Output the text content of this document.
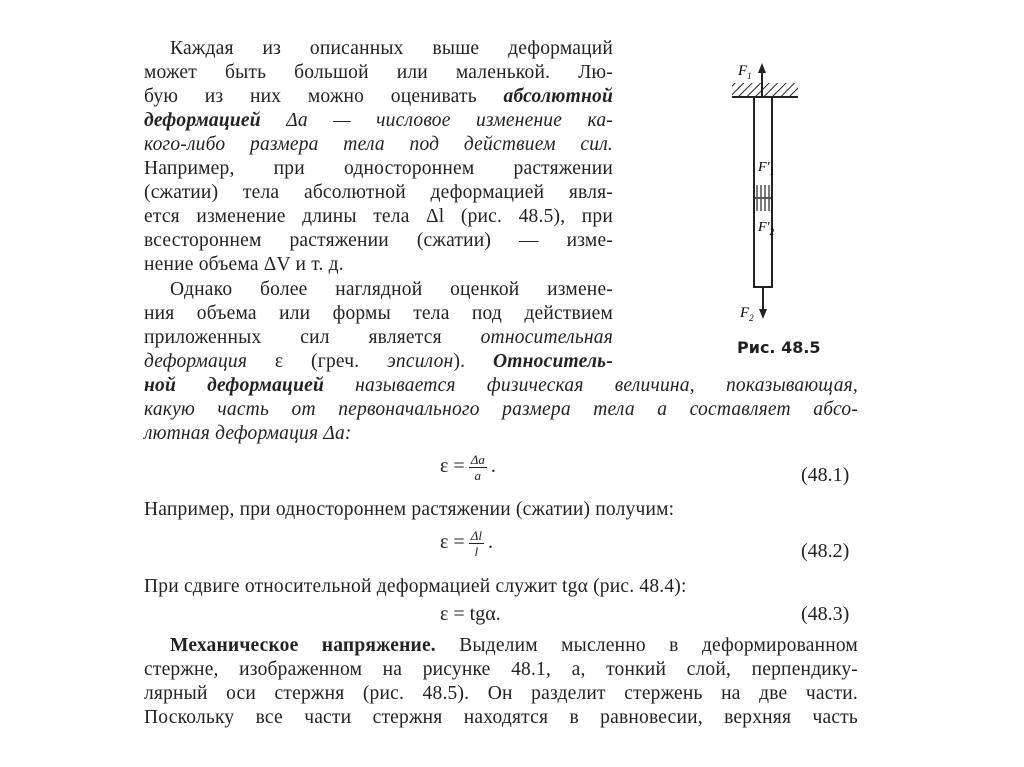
Каждая из описанных выше деформаций
может быть большой или маленькой. Лю-
бую из них можно оценивать абсолютной
деформацией Δa — числовое изменение ка-
кого-либо размера тела под действием сил.
Например, при одностороннем растяжении
(сжатии) тела абсолютной деформацией явля-
ется изменение длины тела Δl (рис. 48.5), при
всестороннем растяжении (сжатии) — изме-
нение объема ΔV и т. д.
Однако более наглядной оценкой измене-
ния объема или формы тела под действием
приложенных сил является относительная
деформация ε (греч. эпсилон). Относитель-
ной деформацией называется физическая величина, показывающая,
какую часть от первоначального размера тела a составляет абсо-
лютная деформация Δa:
$\varepsilon = \frac{\Delta a}{a}$ .	(48.1)
Например, при одностороннем растяжении (сжатии) получим:
$\varepsilon = \frac{\Delta l}{l}$ .	(48.2)
При сдвиге относительной деформацией служит tgα (рис. 48.4):
ε = tgα.	(48.3)
Механическое напряжение. Выделим мысленно в деформированном
стержне, изображенном на рисунке 48.1, a, тонкий слой, перпендику-
лярный оси стержня (рис. 48.5). Он разделит стержень на две части.
Поскольку все части стержня находятся в равновесии, верхняя часть
$F_1$
$F'_1$
$F'_2$
$F_2$
Рис. 48.5
